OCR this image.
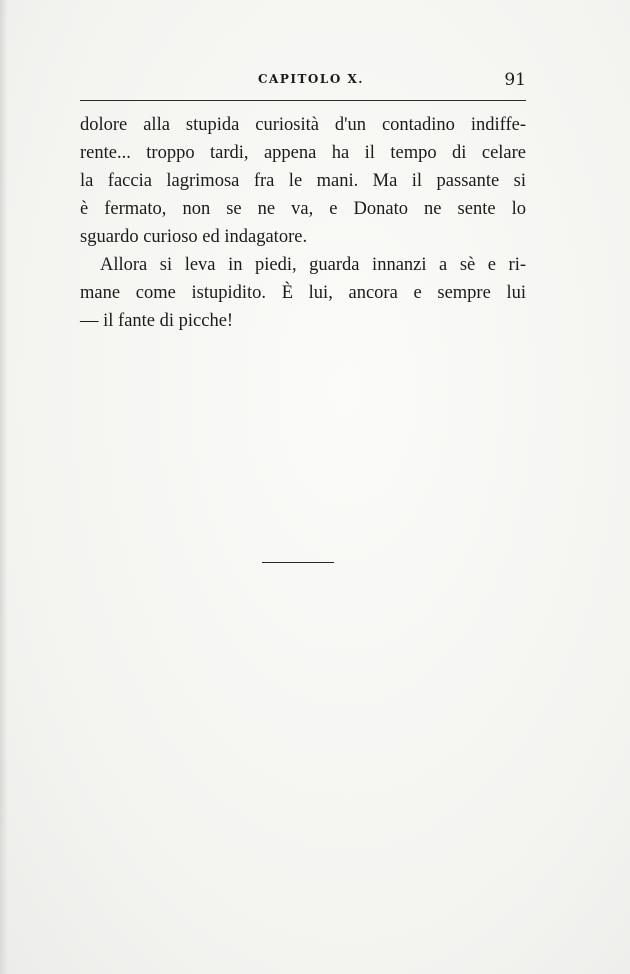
CAPITOLO X.	91
dolore alla stupida curiosità d'un contadino indiffe-
rente... troppo tardi, appena ha il tempo di celare
la faccia lagrimosa fra le mani. Ma il passante si
è fermato, non se ne va, e Donato ne sente lo
sguardo curioso ed indagatore.
Allora si leva in piedi, guarda innanzi a sè e ri-
mane come istupidito. È lui, ancora e sempre lui
— il fante di picche!
